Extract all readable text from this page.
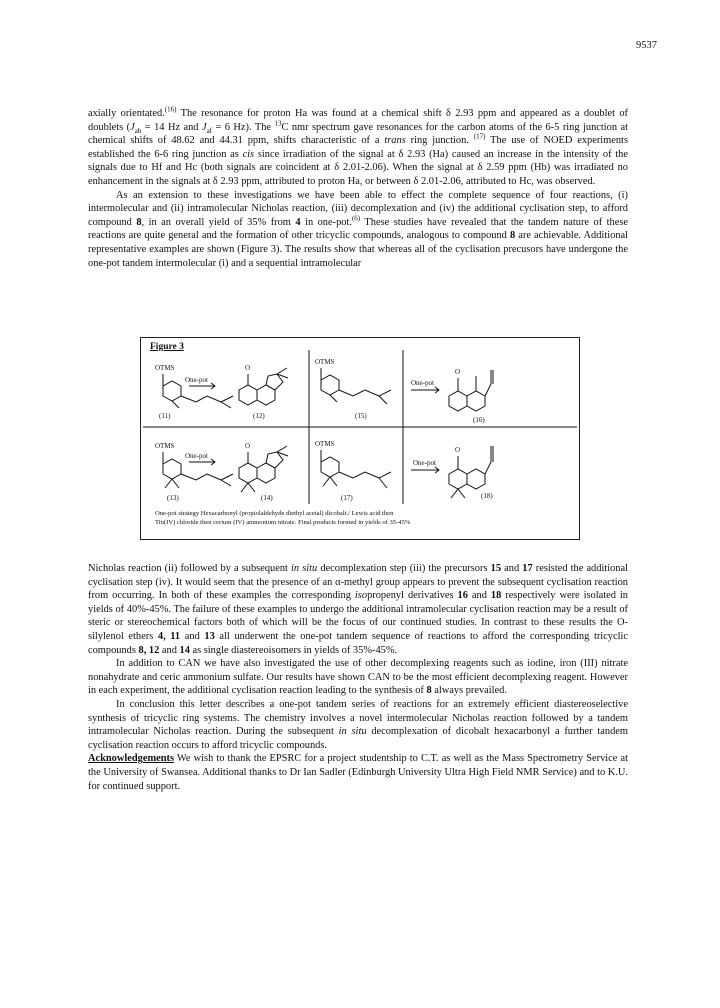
9537

axially orientated.$^{(16)}$ The resonance for proton Ha was found at a chemical shift δ 2.93 ppm and appeared as a doublet of doublets ($J_{ab} = 14$ Hz and $J_{af} = 6$ Hz). The $^{13}$C nmr spectrum gave resonances for the carbon atoms of the 6-5 ring junction at chemical shifts of 48.62 and 44.31 ppm, shifts characteristic of a trans ring junction. $^{(17)}$ The use of NOED experiments established the 6-6 ring junction as cis since irradiation of the signal at δ 2.93 (Ha) caused an increase in the intensity of the signals due to Hf and Hc (both signals are coincident at δ 2.01-2.06). When the signal at δ 2.59 ppm (Hb) was irradiated no enhancement in the signals at δ 2.93 ppm, attributed to proton Ha, or between δ 2.01-2.06, attributed to Hc, was observed.

As an extension to these investigations we have been able to effect the complete sequence of four reactions, (i) intermolecular and (ii) intramolecular Nicholas reaction, (iii) decomplexation and (iv) the additional cyclisation step, to afford compound 8, in an overall yield of 35% from 4 in one-pot.$^{(6)}$ These studies have revealed that the tandem nature of these reactions are quite general and the formation of other tricyclic compounds, analogous to compound 8 are achievable. Additional representative examples are shown (Figure 3). The results show that whereas all of the cyclisation precusors have undergone the one-pot tandem intermolecular (i) and a sequential intramolecular

Figure 3
OTMS
One-pot
(11)
O
(12)
OTMS
(15)
One-pot
O
(16)
OTMS
One-pot
(13)
O
(14)
OTMS
(17)
One-pot
O
(18)
One-pot strategy Hexacarbonyl (propiolaldehyde diethyl acetal) dicobalt./ Lewis acid then
Tin(IV) chloride then cerium (IV) ammonium nitrate. Final products formed in yields of 35-45%

Nicholas reaction (ii) followed by a subsequent in situ decomplexation step (iii) the precursors 15 and 17 resisted the additional cyclisation step (iv). It would seem that the presence of an α-methyl group appears to prevent the subsequent cyclisation reaction from occurring. In both of these examples the corresponding isopropenyl derivatives 16 and 18 respectively were isolated in yields of 40%-45%. The failure of these examples to undergo the additional intramolecular cyclisation reaction may be a result of steric or stereochemical factors both of which will be the focus of our continued studies. In contrast to these results the O-silylenol ethers 4, 11 and 13 all underwent the one-pot tandem sequence of reactions to afford the corresponding tricyclic compounds 8, 12 and 14 as single diastereoisomers in yields of 35%-45%.

In addition to CAN we have also investigated the use of other decomplexing reagents such as iodine, iron (III) nitrate nonahydrate and ceric ammonium sulfate. Our results have shown CAN to be the most efficient decomplexing reagent. However in each experiment, the additional cyclisation reaction leading to the synthesis of 8 always prevailed.

In conclusion this letter describes a one-pot tandem series of reactions for an extremely efficient diastereoselective synthesis of tricyclic ring systems. The chemistry involves a novel intermolecular Nicholas reaction followed by a tandem intramolecular Nicholas reaction. During the subsequent in situ decomplexation of dicobalt hexacarbonyl a further tandem cyclisation reaction occurs to afford tricyclic compounds.

Acknowledgements We wish to thank the EPSRC for a project studentship to C.T. as well as the Mass Spectrometry Service at the University of Swansea. Additional thanks to Dr Ian Sadler (Edinburgh University Ultra High Field NMR Service) and to K.U. for continued support.
